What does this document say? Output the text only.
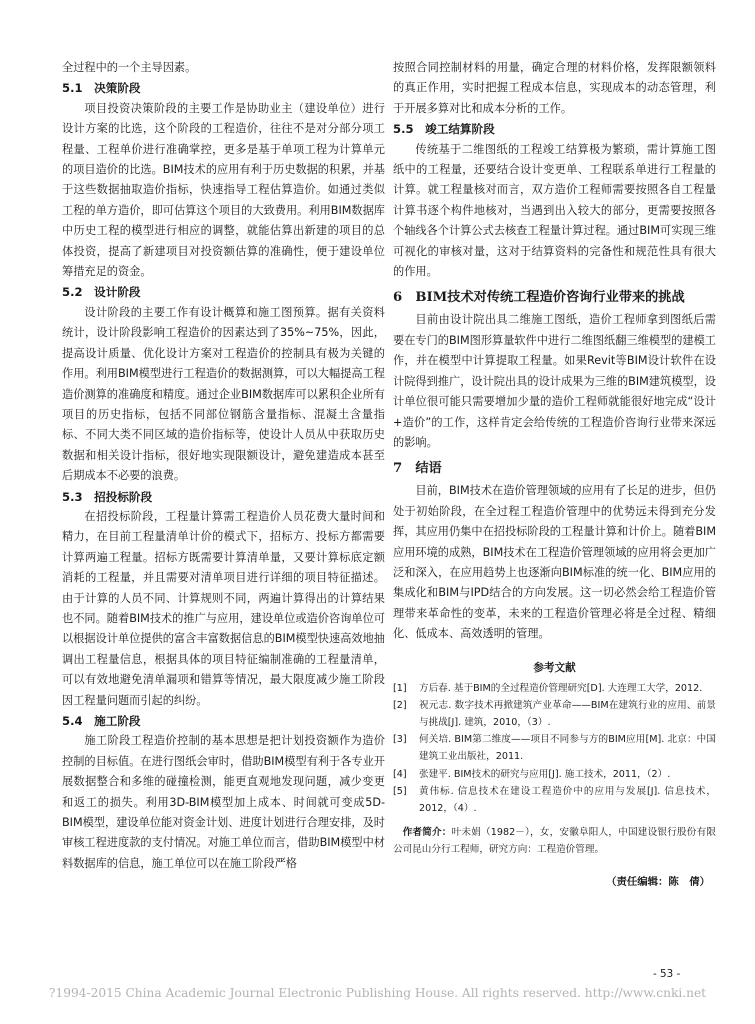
全过程中的一个主导因素。

5.1　决策阶段

项目投资决策阶段的主要工作是协助业主（建设单位）进行设计方案的比选，这个阶段的工程造价，往往不是对分部分项工程量、工程单价进行准确掌控，更多是基于单项工程为计算单元的项目造价的比选。BIM技术的应用有利于历史数据的积累，并基于这些数据抽取造价指标，快速指导工程估算造价。如通过类似工程的单方造价，即可估算这个项目的大致费用。利用BIM数据库中历史工程的模型进行相应的调整，就能估算出新建的项目的总体投资，提高了新建项目对投资额估算的准确性，便于建设单位筹措充足的资金。

5.2　设计阶段

设计阶段的主要工作有设计概算和施工图预算。据有关资料统计，设计阶段影响工程造价的因素达到了35%~75%，因此，提高设计质量、优化设计方案对工程造价的控制具有极为关键的作用。利用BIM模型进行工程造价的数据测算，可以大幅提高工程造价测算的准确度和精度。通过企业BIM数据库可以累积企业所有项目的历史指标，包括不同部位钢筋含量指标、混凝土含量指标、不同大类不同区域的造价指标等，使设计人员从中获取历史数据和相关设计指标，很好地实现限额设计，避免建造成本甚至后期成本不必要的浪费。

5.3　招投标阶段

在招投标阶段，工程量计算需工程造价人员花费大量时间和精力，在目前工程量清单计价的模式下，招标方、投标方都需要计算两遍工程量。招标方既需要计算清单量，又要计算标底定额消耗的工程量，并且需要对清单项目进行详细的项目特征描述。由于计算的人员不同、计算规则不同，两遍计算得出的计算结果也不同。随着BIM技术的推广与应用，建设单位或造价咨询单位可以根据设计单位提供的富含丰富数据信息的BIM模型快速高效地抽调出工程量信息，根据具体的项目特征编制准确的工程量清单，可以有效地避免清单漏项和错算等情况，最大限度减少施工阶段因工程量问题而引起的纠纷。

5.4　施工阶段

施工阶段工程造价控制的基本思想是把计划投资额作为造价控制的目标值。在进行图纸会审时，借助BIM模型有利于各专业开展数据整合和多维的碰撞检测，能更直观地发现问题，减少变更和返工的损失。利用3D-BIM模型加上成本、时间就可变成5D-BIM模型，建设单位能对资金计划、进度计划进行合理安排，及时审核工程进度款的支付情况。对施工单位而言，借助BIM模型中材料数据库的信息，施工单位可以在施工阶段严格

按照合同控制材料的用量，确定合理的材料价格，发挥限额领料的真正作用，实时把握工程成本信息，实现成本的动态管理，利于开展多算对比和成本分析的工作。

5.5　竣工结算阶段

传统基于二维图纸的工程竣工结算极为繁琐，需计算施工图纸中的工程量，还要结合设计变更单、工程联系单进行工程量的计算。就工程量核对而言，双方造价工程师需要按照各自工程量计算书逐个构件地核对，当遇到出入较大的部分，更需要按照各个轴线各个计算公式去核查工程量计算过程。通过BIM可实现三维可视化的审核对量，这对于结算资料的完备性和规范性具有很大的作用。

6　BIM技术对传统工程造价咨询行业带来的挑战

目前由设计院出具二维施工图纸，造价工程师拿到图纸后需要在专门的BIM图形算量软件中进行二维图纸翻三维模型的建模工作，并在模型中计算提取工程量。如果Revit等BIM设计软件在设计院得到推广，设计院出具的设计成果为三维的BIM建筑模型，设计单位很可能只需要增加少量的造价工程师就能很好地完成“设计+造价”的工作，这样肯定会给传统的工程造价咨询行业带来深远的影响。

7　结语

目前，BIM技术在造价管理领域的应用有了长足的进步，但仍处于初始阶段，在全过程工程造价管理中的优势远未得到充分发挥，其应用仍集中在招投标阶段的工程量计算和计价上。随着BIM应用环境的成熟，BIM技术在工程造价管理领域的应用将会更加广泛和深入，在应用趋势上也逐渐向BIM标准的统一化、BIM应用的集成化和BIM与IPD结合的方向发展。这一切必然会给工程造价管理带来革命性的变革，未来的工程造价管理必将是全过程、精细化、低成本、高效透明的管理。

参考文献
[1]	方后春. 基于BIM的全过程造价管理研究[D]. 大连理工大学，2012.
[2]	祝元志. 数字技术再掀建筑产业革命——BIM在建筑行业的应用、前景与挑战[J]. 建筑，2010，（3）.
[3]	何关培. BIM第二维度——项目不同参与方的BIM应用[M]. 北京：中国建筑工业出版社，2011.
[4]	张建平. BIM技术的研究与应用[J]. 施工技术，2011，（2）.
[5]	黄伟标. 信息技术在建设工程造价中的应用与发展[J]. 信息技术，2012，（4）.

作者简介：叶未娟（1982－），女，安徽阜阳人，中国建设银行股份有限公司昆山分行工程师，研究方向：工程造价管理。

（责任编辑：陈　倩）
- 53 -
?1994-2015 China Academic Journal Electronic Publishing House. All rights reserved. http://www.cnki.net
